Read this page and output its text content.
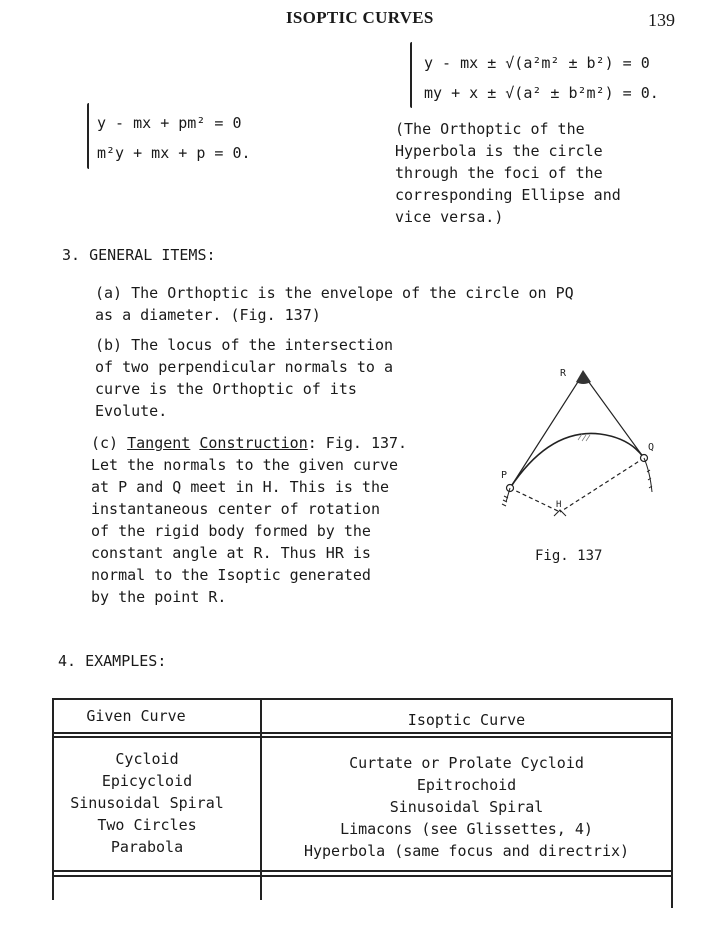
ISOPTIC CURVES	139
y - mx ± √(a²m² ± b²) = 0
my + x ± √(a² ± b²m²) = 0.
y - mx + pm² = 0
m²y + mx + p = 0.
(The Orthoptic of the
Hyperbola is the circle
through the foci of the
corresponding Ellipse and
vice versa.)
3. GENERAL ITEMS:
(a) The Orthoptic is the envelope of the circle on PQ
as a diameter. (Fig. 137)
(b) The locus of the intersection
of two perpendicular normals to a
curve is the Orthoptic of its
Evolute.
(c) Tangent Construction: Fig. 137.
Let the normals to the given curve
at P and Q meet in H. This is the
instantaneous center of rotation
of the rigid body formed by the
constant angle at R. Thus HR is
normal to the Isoptic generated
by the point R.
R
Q
P
H
Fig. 137
4. EXAMPLES:
Given Curve	Isoptic Curve
Cycloid
Epicycloid
Sinusoidal Spiral
Two Circles
Parabola
Curtate or Prolate Cycloid
Epitrochoid
Sinusoidal Spiral
Limacons (see Glissettes, 4)
Hyperbola (same focus and directrix)
